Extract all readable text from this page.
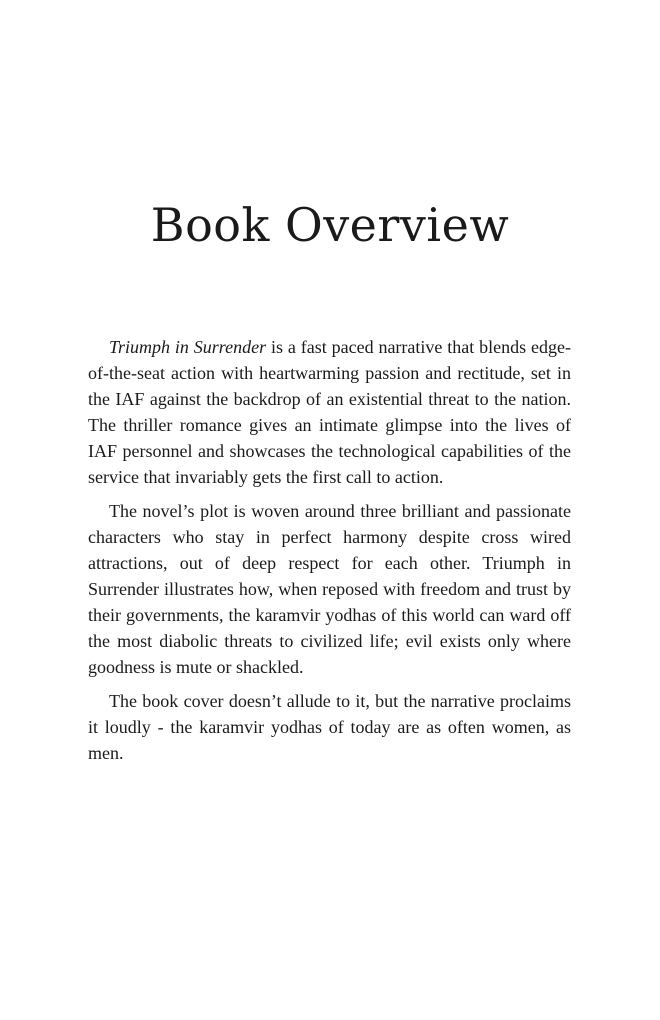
Book Overview

Triumph in Surrender is a fast paced narrative that blends edge-of-the-seat action with heartwarming passion and rectitude, set in the IAF against the backdrop of an existential threat to the nation. The thriller romance gives an intimate glimpse into the lives of IAF personnel and showcases the technological capabilities of the service that invariably gets the first call to action.

The novel’s plot is woven around three brilliant and passionate characters who stay in perfect harmony despite cross wired attractions, out of deep respect for each other. Triumph in Surrender illustrates how, when reposed with freedom and trust by their governments, the karamvir yodhas of this world can ward off the most diabolic threats to civilized life; evil exists only where goodness is mute or shackled.

The book cover doesn’t allude to it, but the narrative proclaims it loudly - the karamvir yodhas of today are as often women, as men.
